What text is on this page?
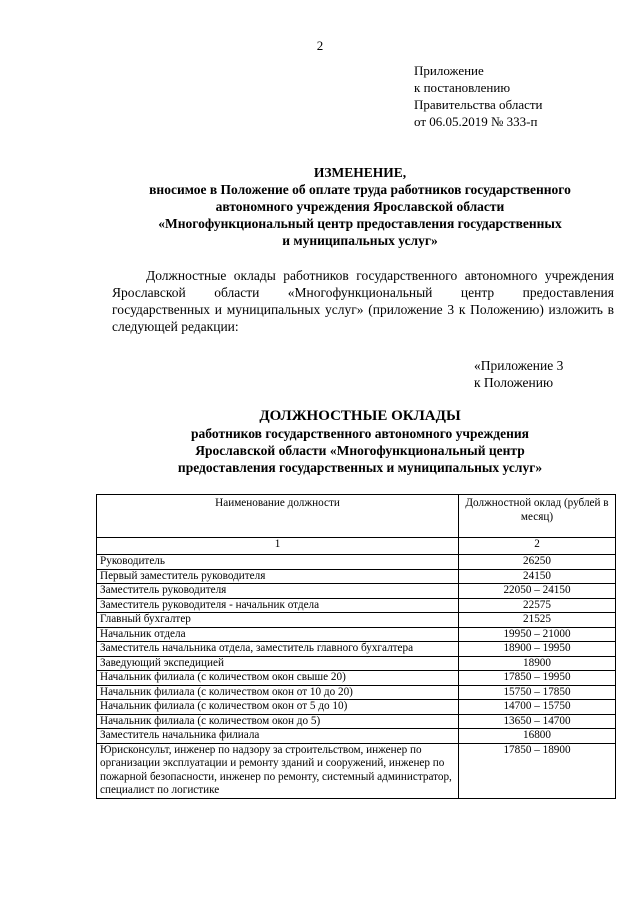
2
Приложение
к постановлению
Правительства области
от 06.05.2019 № 333-п
ИЗМЕНЕНИЕ,
вносимое в Положение об оплате труда работников государственного
автономного учреждения Ярославской области
«Многофункциональный центр предоставления государственных
и муниципальных услуг»
Должностные оклады работников государственного автономного учреждения Ярославской области «Многофункциональный центр предоставления государственных и муниципальных услуг» (приложение 3 к Положению) изложить в следующей редакции:
«Приложение 3
к Положению
ДОЛЖНОСТНЫЕ ОКЛАДЫ
работников государственного автономного учреждения
Ярославской области «Многофункциональный центр
предоставления государственных и муниципальных услуг»
Наименование должности	Должностной оклад (рублей в месяц)
1	2
Руководитель	26250
Первый заместитель руководителя	24150
Заместитель руководителя	22050 – 24150
Заместитель руководителя - начальник отдела	22575
Главный бухгалтер	21525
Начальник отдела	19950 – 21000
Заместитель начальника отдела, заместитель главного бухгалтера	18900 – 19950
Заведующий экспедицией	18900
Начальник филиала (с количеством окон свыше 20)	17850 – 19950
Начальник филиала (с количеством окон от 10 до 20)	15750 – 17850
Начальник филиала (с количеством окон от 5 до 10)	14700 – 15750
Начальник филиала (с количеством окон до 5)	13650 – 14700
Заместитель начальника филиала	16800
Юрисконсульт, инженер по надзору за строительством, инженер по организации эксплуатации и ремонту зданий и сооружений, инженер по пожарной безопасности, инженер по ремонту, системный администратор, специалист по логистике	17850 – 18900
